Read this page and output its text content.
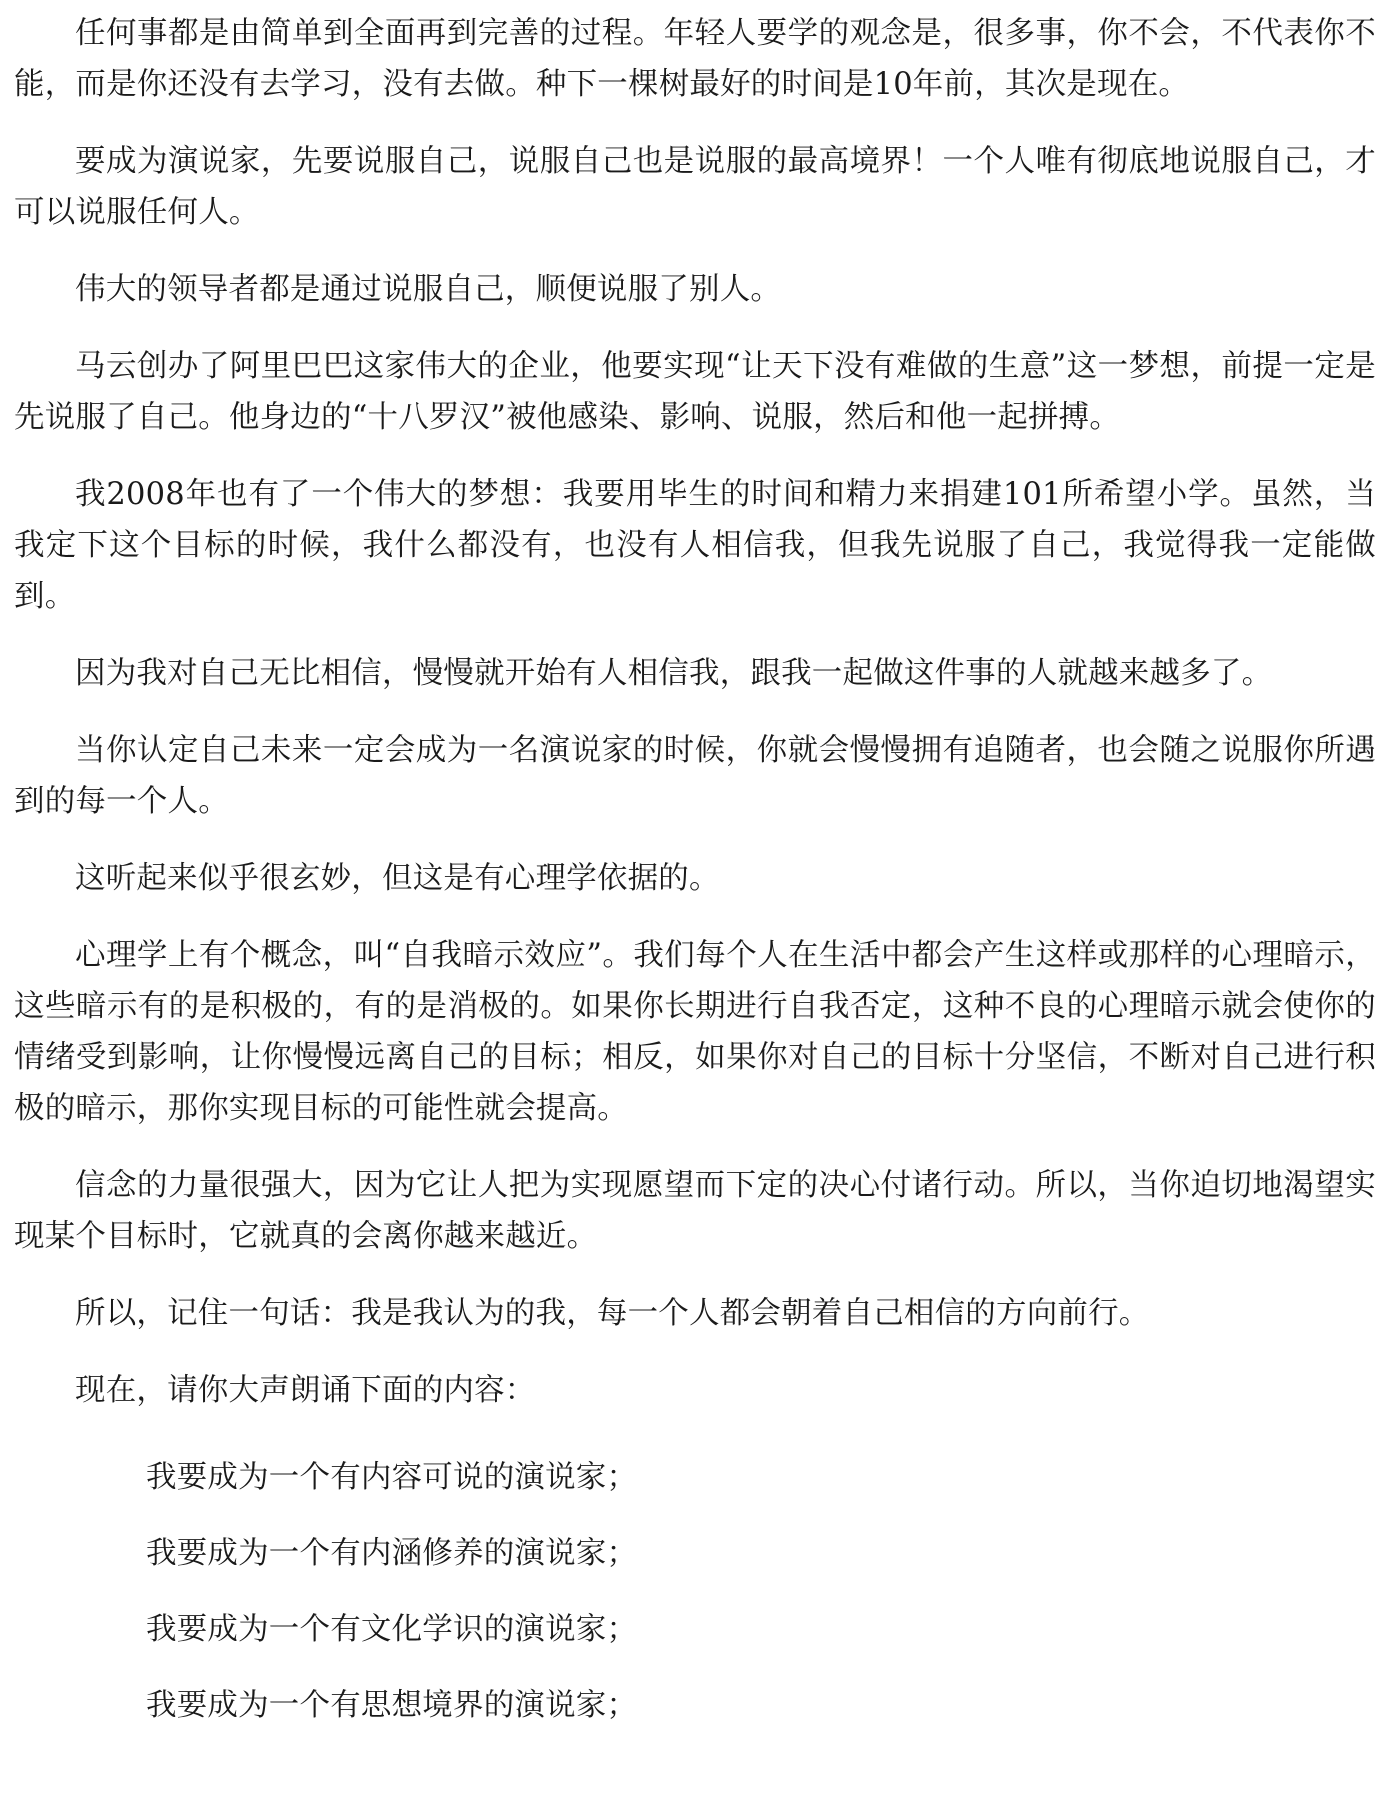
任何事都是由简单到全面再到完善的过程。年轻人要学的观念是，很多事，你不会，不代表你不能，而是你还没有去学习，没有去做。种下一棵树最好的时间是10年前，其次是现在。

要成为演说家，先要说服自己，说服自己也是说服的最高境界！一个人唯有彻底地说服自己，才可以说服任何人。

伟大的领导者都是通过说服自己，顺便说服了别人。

马云创办了阿里巴巴这家伟大的企业，他要实现“让天下没有难做的生意”这一梦想，前提一定是先说服了自己。他身边的“十八罗汉”被他感染、影响、说服，然后和他一起拼搏。

我2008年也有了一个伟大的梦想：我要用毕生的时间和精力来捐建101所希望小学。虽然，当我定下这个目标的时候，我什么都没有，也没有人相信我，但我先说服了自己，我觉得我一定能做到。

因为我对自己无比相信，慢慢就开始有人相信我，跟我一起做这件事的人就越来越多了。

当你认定自己未来一定会成为一名演说家的时候，你就会慢慢拥有追随者，也会随之说服你所遇到的每一个人。

这听起来似乎很玄妙，但这是有心理学依据的。

心理学上有个概念，叫“自我暗示效应”。我们每个人在生活中都会产生这样或那样的心理暗示，这些暗示有的是积极的，有的是消极的。如果你长期进行自我否定，这种不良的心理暗示就会使你的情绪受到影响，让你慢慢远离自己的目标；相反，如果你对自己的目标十分坚信，不断对自己进行积极的暗示，那你实现目标的可能性就会提高。

信念的力量很强大，因为它让人把为实现愿望而下定的决心付诸行动。所以，当你迫切地渴望实现某个目标时，它就真的会离你越来越近。

所以，记住一句话：我是我认为的我，每一个人都会朝着自己相信的方向前行。

现在，请你大声朗诵下面的内容：

我要成为一个有内容可说的演说家；
我要成为一个有内涵修养的演说家；
我要成为一个有文化学识的演说家；
我要成为一个有思想境界的演说家；
